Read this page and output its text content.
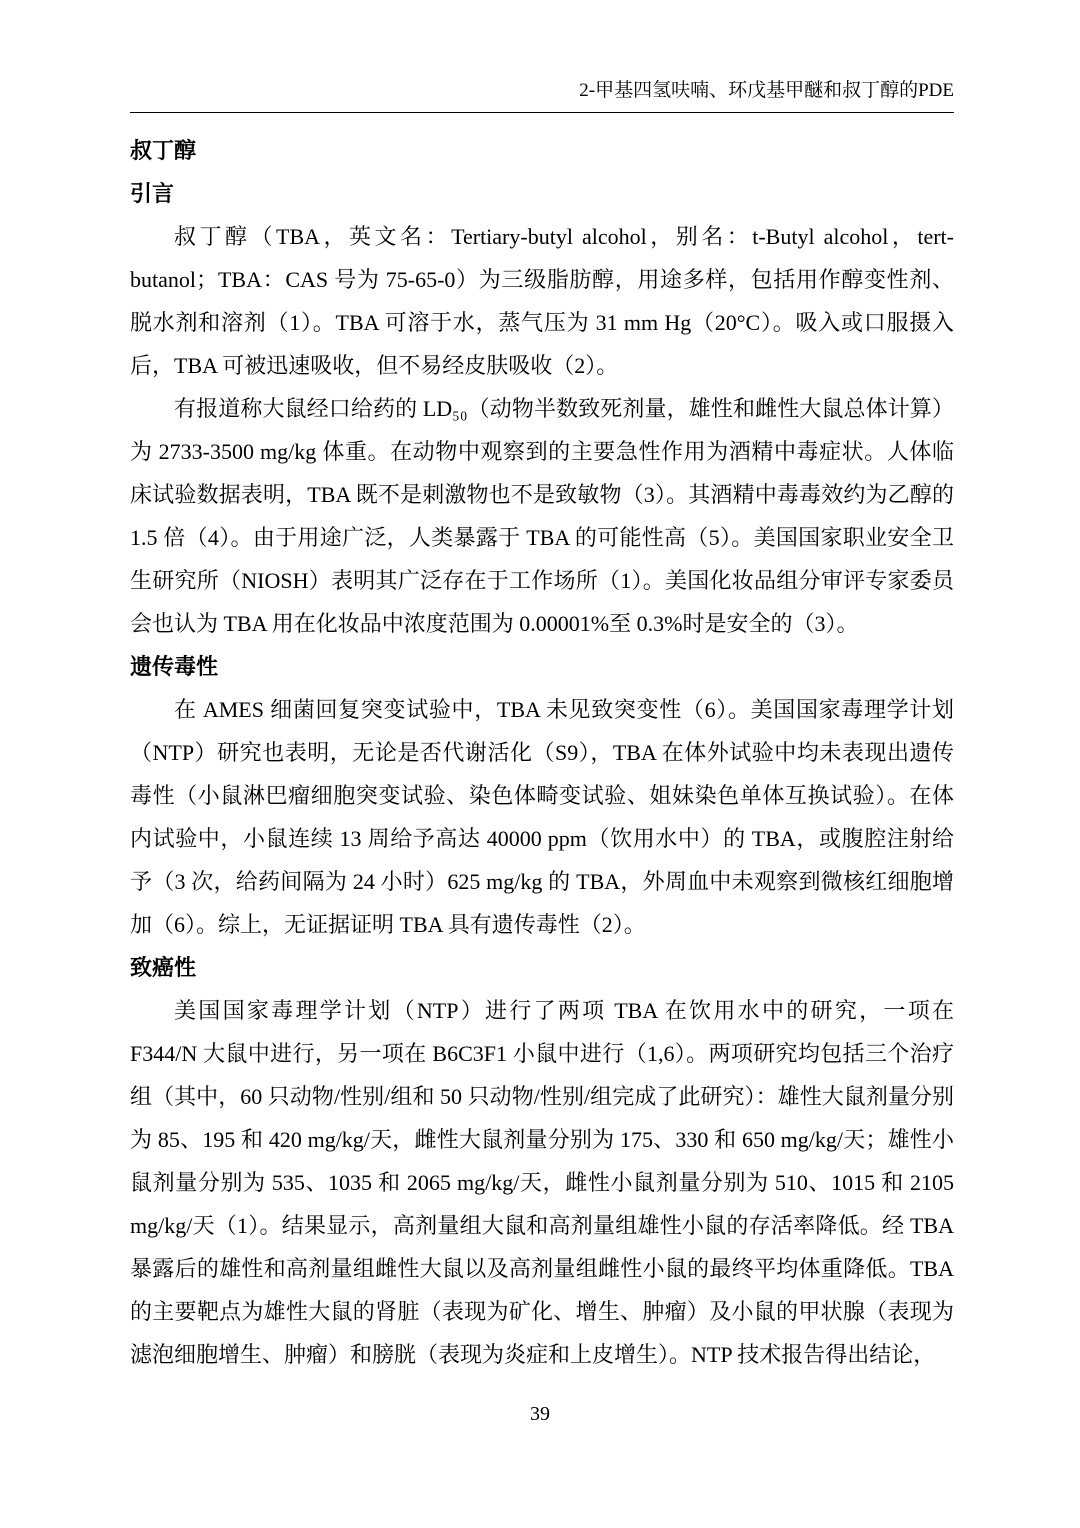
2-甲基四氢呋喃、环戊基甲醚和叔丁醇的PDE
叔丁醇
引言

叔丁醇（TBA，英文名：Tertiary-butyl alcohol，别名：t-Butyl alcohol，tert-butanol；TBA：CAS 号为 75-65-0）为三级脂肪醇，用途多样，包括用作醇变性剂、脱水剂和溶剂（1）。TBA 可溶于水，蒸气压为 31 mm Hg（20°C）。吸入或口服摄入后，TBA 可被迅速吸收，但不易经皮肤吸收（2）。

有报道称大鼠经口给药的 LD₅₀（动物半数致死剂量，雄性和雌性大鼠总体计算）为 2733-3500 mg/kg 体重。在动物中观察到的主要急性作用为酒精中毒症状。人体临床试验数据表明，TBA 既不是刺激物也不是致敏物（3）。其酒精中毒毒效约为乙醇的 1.5 倍（4）。由于用途广泛，人类暴露于 TBA 的可能性高（5）。美国国家职业安全卫生研究所（NIOSH）表明其广泛存在于工作场所（1）。美国化妆品组分审评专家委员会也认为 TBA 用在化妆品中浓度范围为 0.00001%至 0.3%时是安全的（3）。

遗传毒性

在 AMES 细菌回复突变试验中，TBA 未见致突变性（6）。美国国家毒理学计划（NTP）研究也表明，无论是否代谢活化（S9），TBA 在体外试验中均未表现出遗传毒性（小鼠淋巴瘤细胞突变试验、染色体畸变试验、姐妹染色单体互换试验）。在体内试验中，小鼠连续 13 周给予高达 40000 ppm（饮用水中）的 TBA，或腹腔注射给予（3 次，给药间隔为 24 小时）625 mg/kg 的 TBA，外周血中未观察到微核红细胞增加（6）。综上，无证据证明 TBA 具有遗传毒性（2）。

致癌性

美国国家毒理学计划（NTP）进行了两项 TBA 在饮用水中的研究，一项在 F344/N 大鼠中进行，另一项在 B6C3F1 小鼠中进行（1,6）。两项研究均包括三个治疗组（其中，60 只动物/性别/组和 50 只动物/性别/组完成了此研究）：雄性大鼠剂量分别为 85、195 和 420 mg/kg/天，雌性大鼠剂量分别为 175、330 和 650 mg/kg/天；雄性小鼠剂量分别为 535、1035 和 2065 mg/kg/天，雌性小鼠剂量分别为 510、1015 和 2105 mg/kg/天（1）。结果显示，高剂量组大鼠和高剂量组雄性小鼠的存活率降低。经 TBA 暴露后的雄性和高剂量组雌性大鼠以及高剂量组雌性小鼠的最终平均体重降低。TBA 的主要靶点为雄性大鼠的肾脏（表现为矿化、增生、肿瘤）及小鼠的甲状腺（表现为滤泡细胞增生、肿瘤）和膀胱（表现为炎症和上皮增生）。NTP 技术报告得出结论，

39
